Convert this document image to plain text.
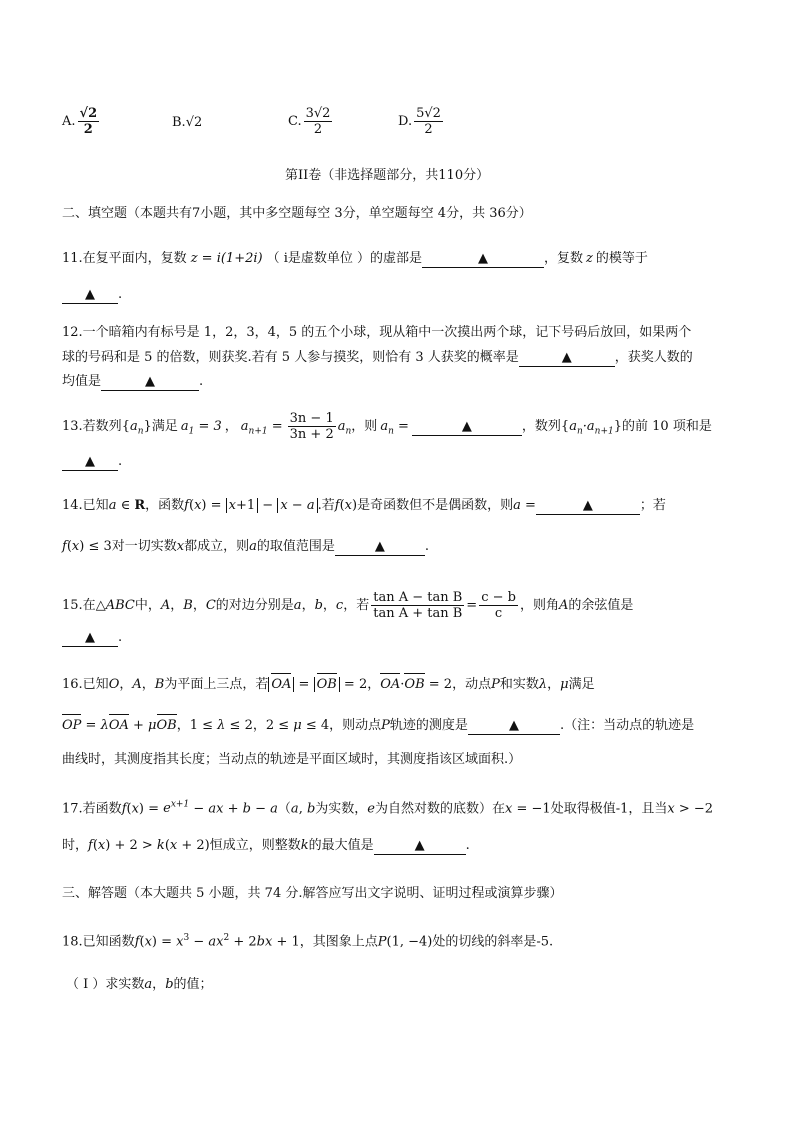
A. $\frac{√2}{2}$	B.√2	C. $\frac{3√2}{2}$	D. $\frac{5√2}{2}$
第II卷（非选择题部分，共110分）
二、填空题（本题共有7小题，其中多空题每空 3分，单空题每空 4分，共 36分）
11.在复平面内，复数 z = i(1+2i) （ i是虚数单位 ）的虚部是	▲	，复数 z 的模等于
▲ .
12.一个暗箱内有标号是 1，2，3，4，5 的五个小球，现从箱中一次摸出两个球，记下号码后放回，如果两个
球的号码和是 5 的倍数，则获奖.若有 5 人参与摸奖，则恰有 3 人获奖的概率是	▲	，获奖人数的
均值是	▲	.
13.若数列$\{a_n\}$满足 $a_1 = 3$ ， $a_{n+1} = \frac{3n - 1}{3n + 2} a_n$，则 $a_n$ =	▲	，数列$\{a_n\cdot a_{n+1}\}$的前 10 项和是
▲ .
14.已知a ∈ R，函数f(x) = x+1 − x − a .若f(x)是奇函数但不是偶函数，则a =	▲	；若
f(x) ≤ 3对一切实数x都成立，则a的取值范围是	▲	.
15.在△ABC中，A，B，C的对边分别是a，b，c，若 $\frac{\text{tan A − tan B}}{\text{tan A + tan B}} = \frac{c - b}{c}$ ，则角A的余弦值是
▲ .
16.已知O，A，B为平面上三点，若 OA = OB = 2，OA·OB = 2，动点P和实数λ，μ满足
OP = λOA + μOB，1 ≤ λ ≤ 2，2 ≤ μ ≤ 4，则动点P轨迹的测度是	▲	.（注：当动点的轨迹是
曲线时，其测度指其长度；当动点的轨迹是平面区域时，其测度指该区域面积.）
17.若函数$f(x) = e^{x+1}$ − ax + b − a（a, b为实数，e为自然对数的底数）在x = −1处取得极值-1，且当x > −2
时，f(x) + 2 > k(x + 2)恒成立，则整数k的最大值是	▲	.
三、解答题（本大题共 5 小题，共 74 分.解答应写出文字说明、证明过程或演算步骤）
18.已知函数$f(x) = x^3 - ax^2 + 2bx + 1$，其图象上点P(1, −4)处的切线的斜率是-5.
（ I ）求实数a，b的值；
